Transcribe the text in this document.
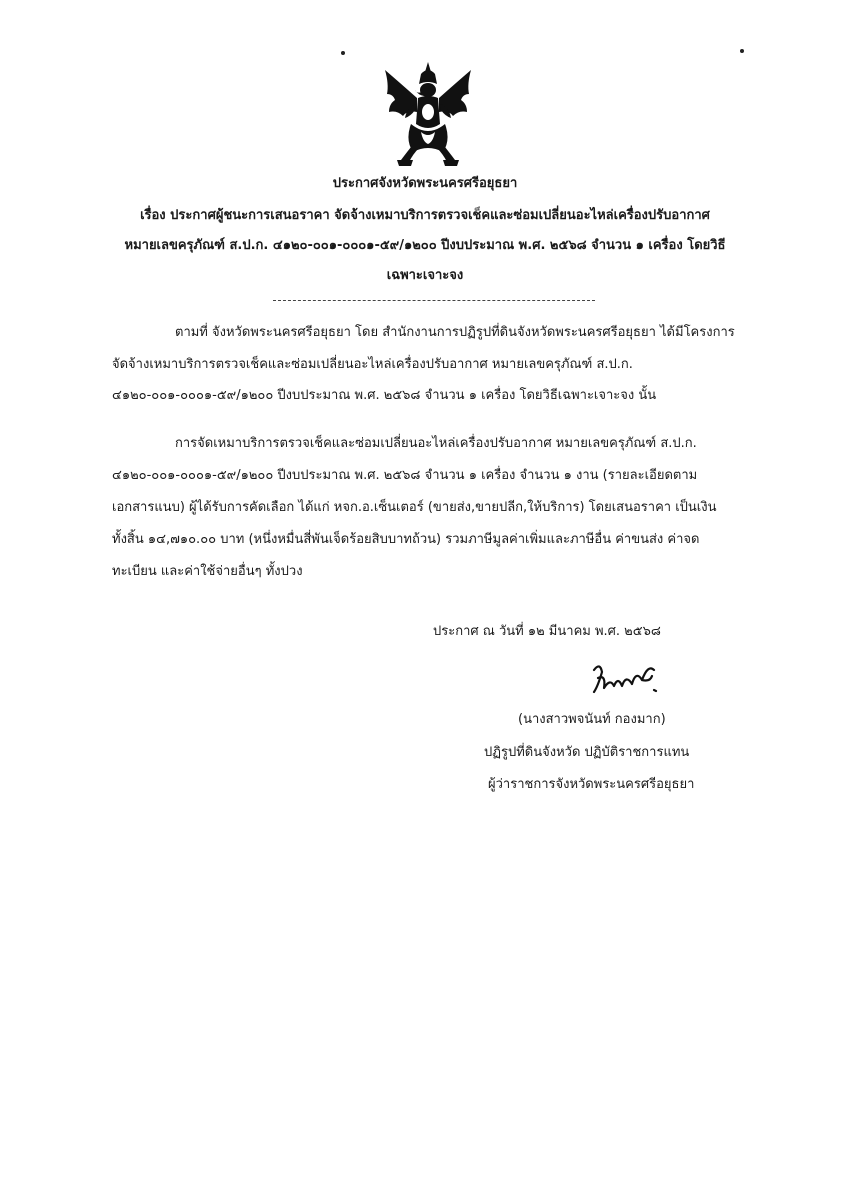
ประกาศจังหวัดพระนครศรีอยุธยา
เรื่อง ประกาศผู้ชนะการเสนอราคา จัดจ้างเหมาบริการตรวจเช็คและซ่อมเปลี่ยนอะไหล่เครื่องปรับอากาศ
หมายเลขครุภัณฑ์ ส.ป.ก. ๔๑๒๐-๐๐๑-๐๐๐๑-๕๙/๑๒๐๐ ปีงบประมาณ พ.ศ. ๒๕๖๘ จำนวน ๑ เครื่อง โดยวิธี
เฉพาะเจาะจง
ตามที่ จังหวัดพระนครศรีอยุธยา โดย สำนักงานการปฏิรูปที่ดินจังหวัดพระนครศรีอยุธยา ได้มีโครงการ
จัดจ้างเหมาบริการตรวจเช็คและซ่อมเปลี่ยนอะไหล่เครื่องปรับอากาศ หมายเลขครุภัณฑ์ ส.ป.ก.
๔๑๒๐-๐๐๑-๐๐๐๑-๕๙/๑๒๐๐ ปีงบประมาณ พ.ศ. ๒๕๖๘ จำนวน ๑ เครื่อง โดยวิธีเฉพาะเจาะจง นั้น
การจัดเหมาบริการตรวจเช็คและซ่อมเปลี่ยนอะไหล่เครื่องปรับอากาศ หมายเลขครุภัณฑ์ ส.ป.ก.
๔๑๒๐-๐๐๑-๐๐๐๑-๕๙/๑๒๐๐ ปีงบประมาณ พ.ศ. ๒๕๖๘ จำนวน ๑ เครื่อง จำนวน ๑ งาน (รายละเอียดตาม
เอกสารแนบ) ผู้ได้รับการคัดเลือก ได้แก่ หจก.อ.เซ็นเตอร์ (ขายส่ง,ขายปลีก,ให้บริการ) โดยเสนอราคา เป็นเงิน
ทั้งสิ้น ๑๔,๗๑๐.๐๐ บาท (หนึ่งหมื่นสี่พันเจ็ดร้อยสิบบาทถ้วน) รวมภาษีมูลค่าเพิ่มและภาษีอื่น ค่าขนส่ง ค่าจด
ทะเบียน และค่าใช้จ่ายอื่นๆ ทั้งปวง
ประกาศ ณ วันที่ ๑๒ มีนาคม พ.ศ. ๒๕๖๘
(นางสาวพจนันท์ กองมาก)
ปฏิรูปที่ดินจังหวัด ปฏิบัติราชการแทน
ผู้ว่าราชการจังหวัดพระนครศรีอยุธยา
